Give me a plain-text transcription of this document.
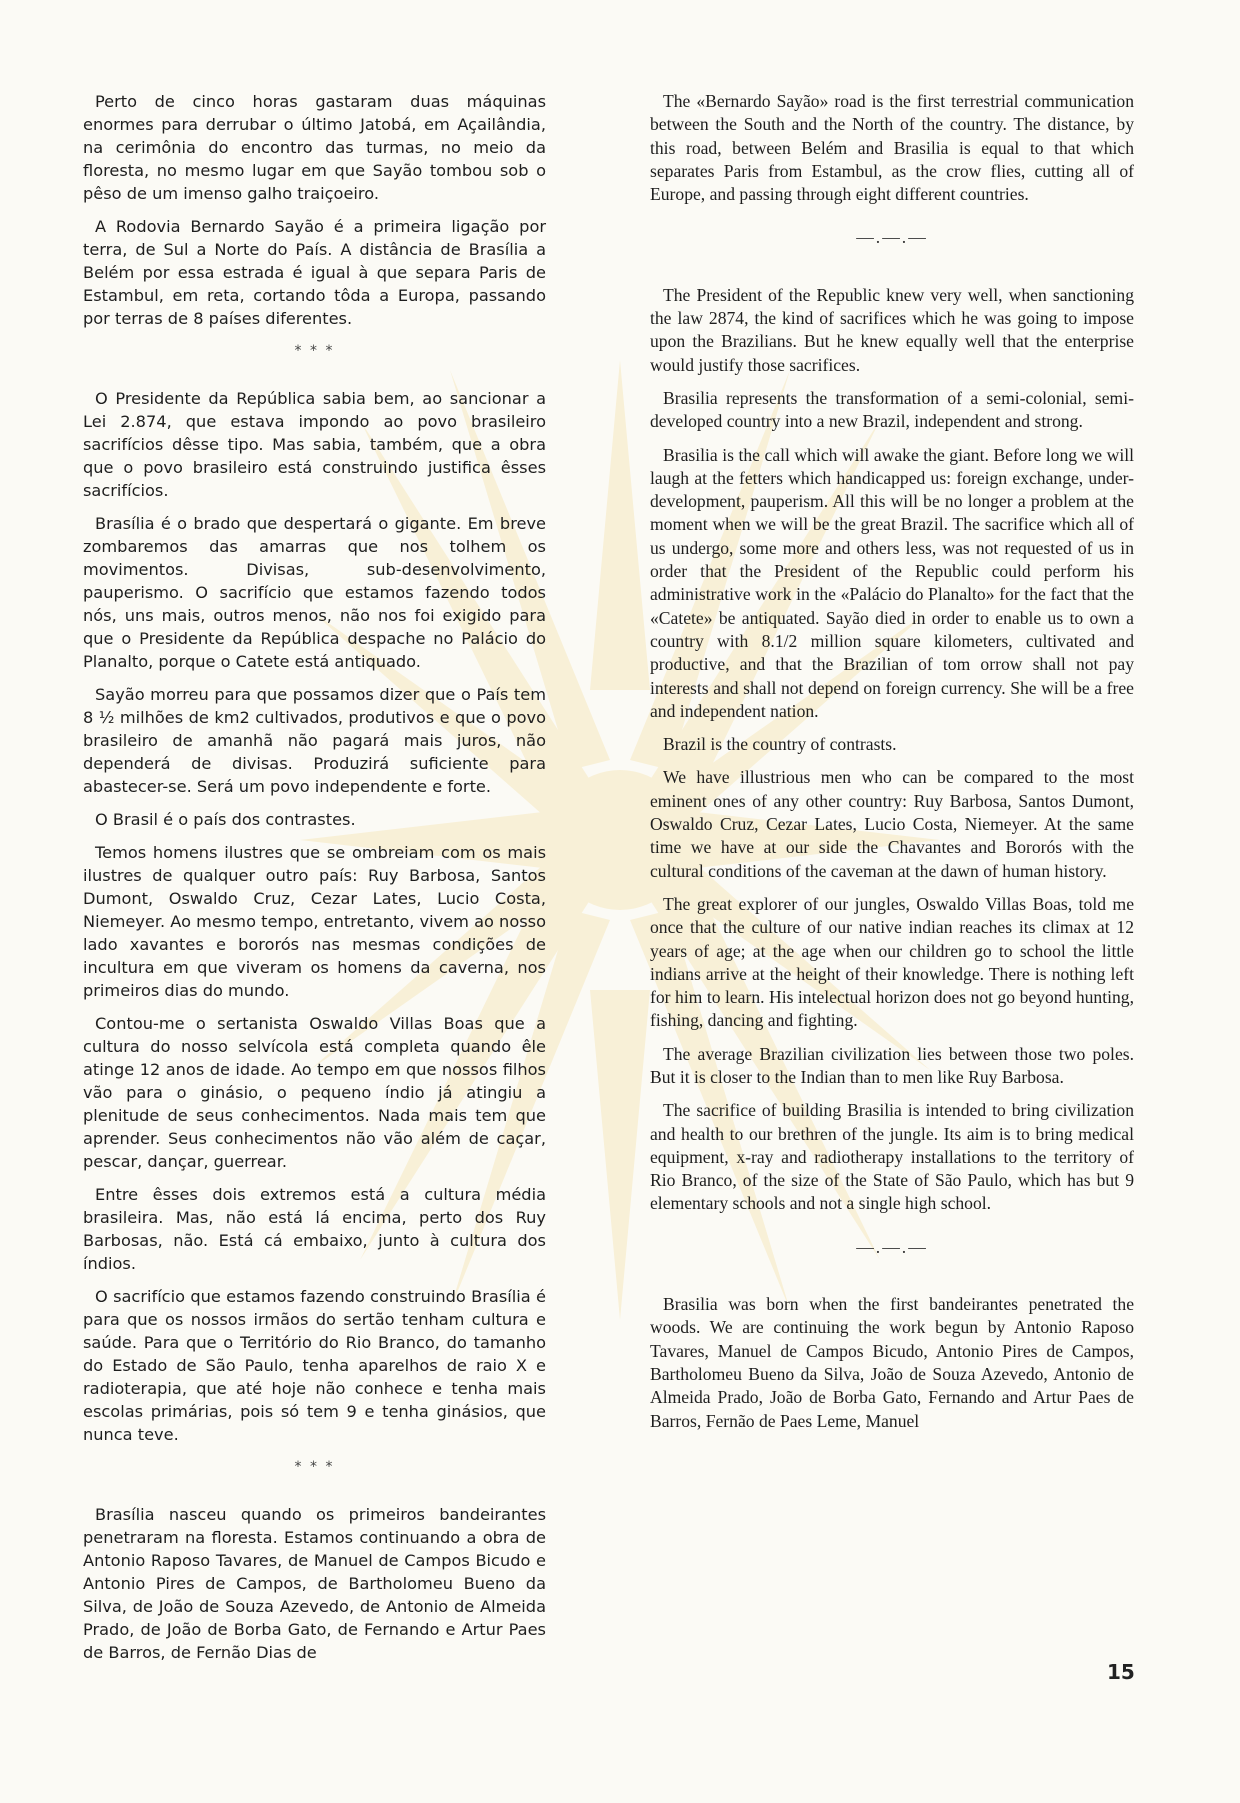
Perto de cinco horas gastaram duas máquinas enormes para derrubar o último Jatobá, em Açailândia, na cerimônia do encontro das turmas, no meio da floresta, no mesmo lugar em que Sayão tombou sob o pêso de um imenso galho traiçoeiro.

A Rodovia Bernardo Sayão é a primeira ligação por terra, de Sul a Norte do País. A distância de Brasília a Belém por essa estrada é igual à que separa Paris de Estambul, em reta, cortando tôda a Europa, passando por terras de 8 países diferentes.

* * *

O Presidente da República sabia bem, ao sancionar a Lei 2.874, que estava impondo ao povo brasileiro sacrifícios dêsse tipo. Mas sabia, também, que a obra que o povo brasileiro está construindo justifica êsses sacrifícios.

Brasília é o brado que despertará o gigante. Em breve zombaremos das amarras que nos tolhem os movimentos. Divisas, sub-desenvolvimento, pauperismo. O sacrifício que estamos fazendo todos nós, uns mais, outros menos, não nos foi exigido para que o Presidente da República despache no Palácio do Planalto, porque o Catete está antiquado.

Sayão morreu para que possamos dizer que o País tem 8 ½ milhões de km2 cultivados, produtivos e que o povo brasileiro de amanhã não pagará mais juros, não dependerá de divisas. Produzirá suficiente para abastecer-se. Será um povo independente e forte.

O Brasil é o país dos contrastes.

Temos homens ilustres que se ombreiam com os mais ilustres de qualquer outro país: Ruy Barbosa, Santos Dumont, Oswaldo Cruz, Cezar Lates, Lucio Costa, Niemeyer. Ao mesmo tempo, entretanto, vivem ao nosso lado xavantes e bororós nas mesmas condições de incultura em que viveram os homens da caverna, nos primeiros dias do mundo.

Contou-me o sertanista Oswaldo Villas Boas que a cultura do nosso selvícola está completa quando êle atinge 12 anos de idade. Ao tempo em que nossos filhos vão para o ginásio, o pequeno índio já atingiu a plenitude de seus conhecimentos. Nada mais tem que aprender. Seus conhecimentos não vão além de caçar, pescar, dançar, guerrear.

Entre êsses dois extremos está a cultura média brasileira. Mas, não está lá encima, perto dos Ruy Barbosas, não. Está cá embaixo, junto à cultura dos índios.

O sacrifício que estamos fazendo construindo Brasília é para que os nossos irmãos do sertão tenham cultura e saúde. Para que o Território do Rio Branco, do tamanho do Estado de São Paulo, tenha aparelhos de raio X e radioterapia, que até hoje não conhece e tenha mais escolas primárias, pois só tem 9 e tenha ginásios, que nunca teve.

* * *

Brasília nasceu quando os primeiros bandeirantes penetraram na floresta. Estamos continuando a obra de Antonio Raposo Tavares, de Manuel de Campos Bicudo e Antonio Pires de Campos, de Bartholomeu Bueno da Silva, de João de Souza Azevedo, de Antonio de Almeida Prado, de João de Borba Gato, de Fernando e Artur Paes de Barros, de Fernão Dias de

The «Bernardo Sayão» road is the first terrestrial communication between the South and the North of the country. The distance, by this road, between Belém and Brasilia is equal to that which separates Paris from Estambul, as the crow flies, cutting all of Europe, and passing through eight different countries.

—.—.—

The President of the Republic knew very well, when sanctioning the law 2874, the kind of sacrifices which he was going to impose upon the Brazilians. But he knew equally well that the enterprise would justify those sacrifices.

Brasilia represents the transformation of a semi-colonial, semi-developed country into a new Brazil, independent and strong.

Brasilia is the call which will awake the giant. Before long we will laugh at the fetters which handicapped us: foreign exchange, under-development, pauperism. All this will be no longer a problem at the moment when we will be the great Brazil. The sacrifice which all of us undergo, some more and others less, was not requested of us in order that the President of the Republic could perform his administrative work in the «Palácio do Planalto» for the fact that the «Catete» be antiquated. Sayão died in order to enable us to own a country with 8.1/2 million square kilometers, cultivated and productive, and that the Brazilian of tom orrow shall not pay interests and shall not depend on foreign currency. She will be a free and independent nation.

Brazil is the country of contrasts.

We have illustrious men who can be compared to the most eminent ones of any other country: Ruy Barbosa, Santos Dumont, Oswaldo Cruz, Cezar Lates, Lucio Costa, Niemeyer. At the same time we have at our side the Chavantes and Bororós with the cultural conditions of the caveman at the dawn of human history.

The great explorer of our jungles, Oswaldo Villas Boas, told me once that the culture of our native indian reaches its climax at 12 years of age; at the age when our children go to school the little indians arrive at the height of their knowledge. There is nothing left for him to learn. His intelectual horizon does not go beyond hunting, fishing, dancing and fighting.

The average Brazilian civilization lies between those two poles. But it is closer to the Indian than to men like Ruy Barbosa.

The sacrifice of building Brasilia is intended to bring civilization and health to our brethren of the jungle. Its aim is to bring medical equipment, x-ray and radiotherapy installations to the territory of Rio Branco, of the size of the State of São Paulo, which has but 9 elementary schools and not a single high school.

—.—.—

Brasilia was born when the first bandeirantes penetrated the woods. We are continuing the work begun by Antonio Raposo Tavares, Manuel de Campos Bicudo, Antonio Pires de Campos, Bartholomeu Bueno da Silva, João de Souza Azevedo, Antonio de Almeida Prado, João de Borba Gato, Fernando and Artur Paes de Barros, Fernão de Paes Leme, Manuel

15
